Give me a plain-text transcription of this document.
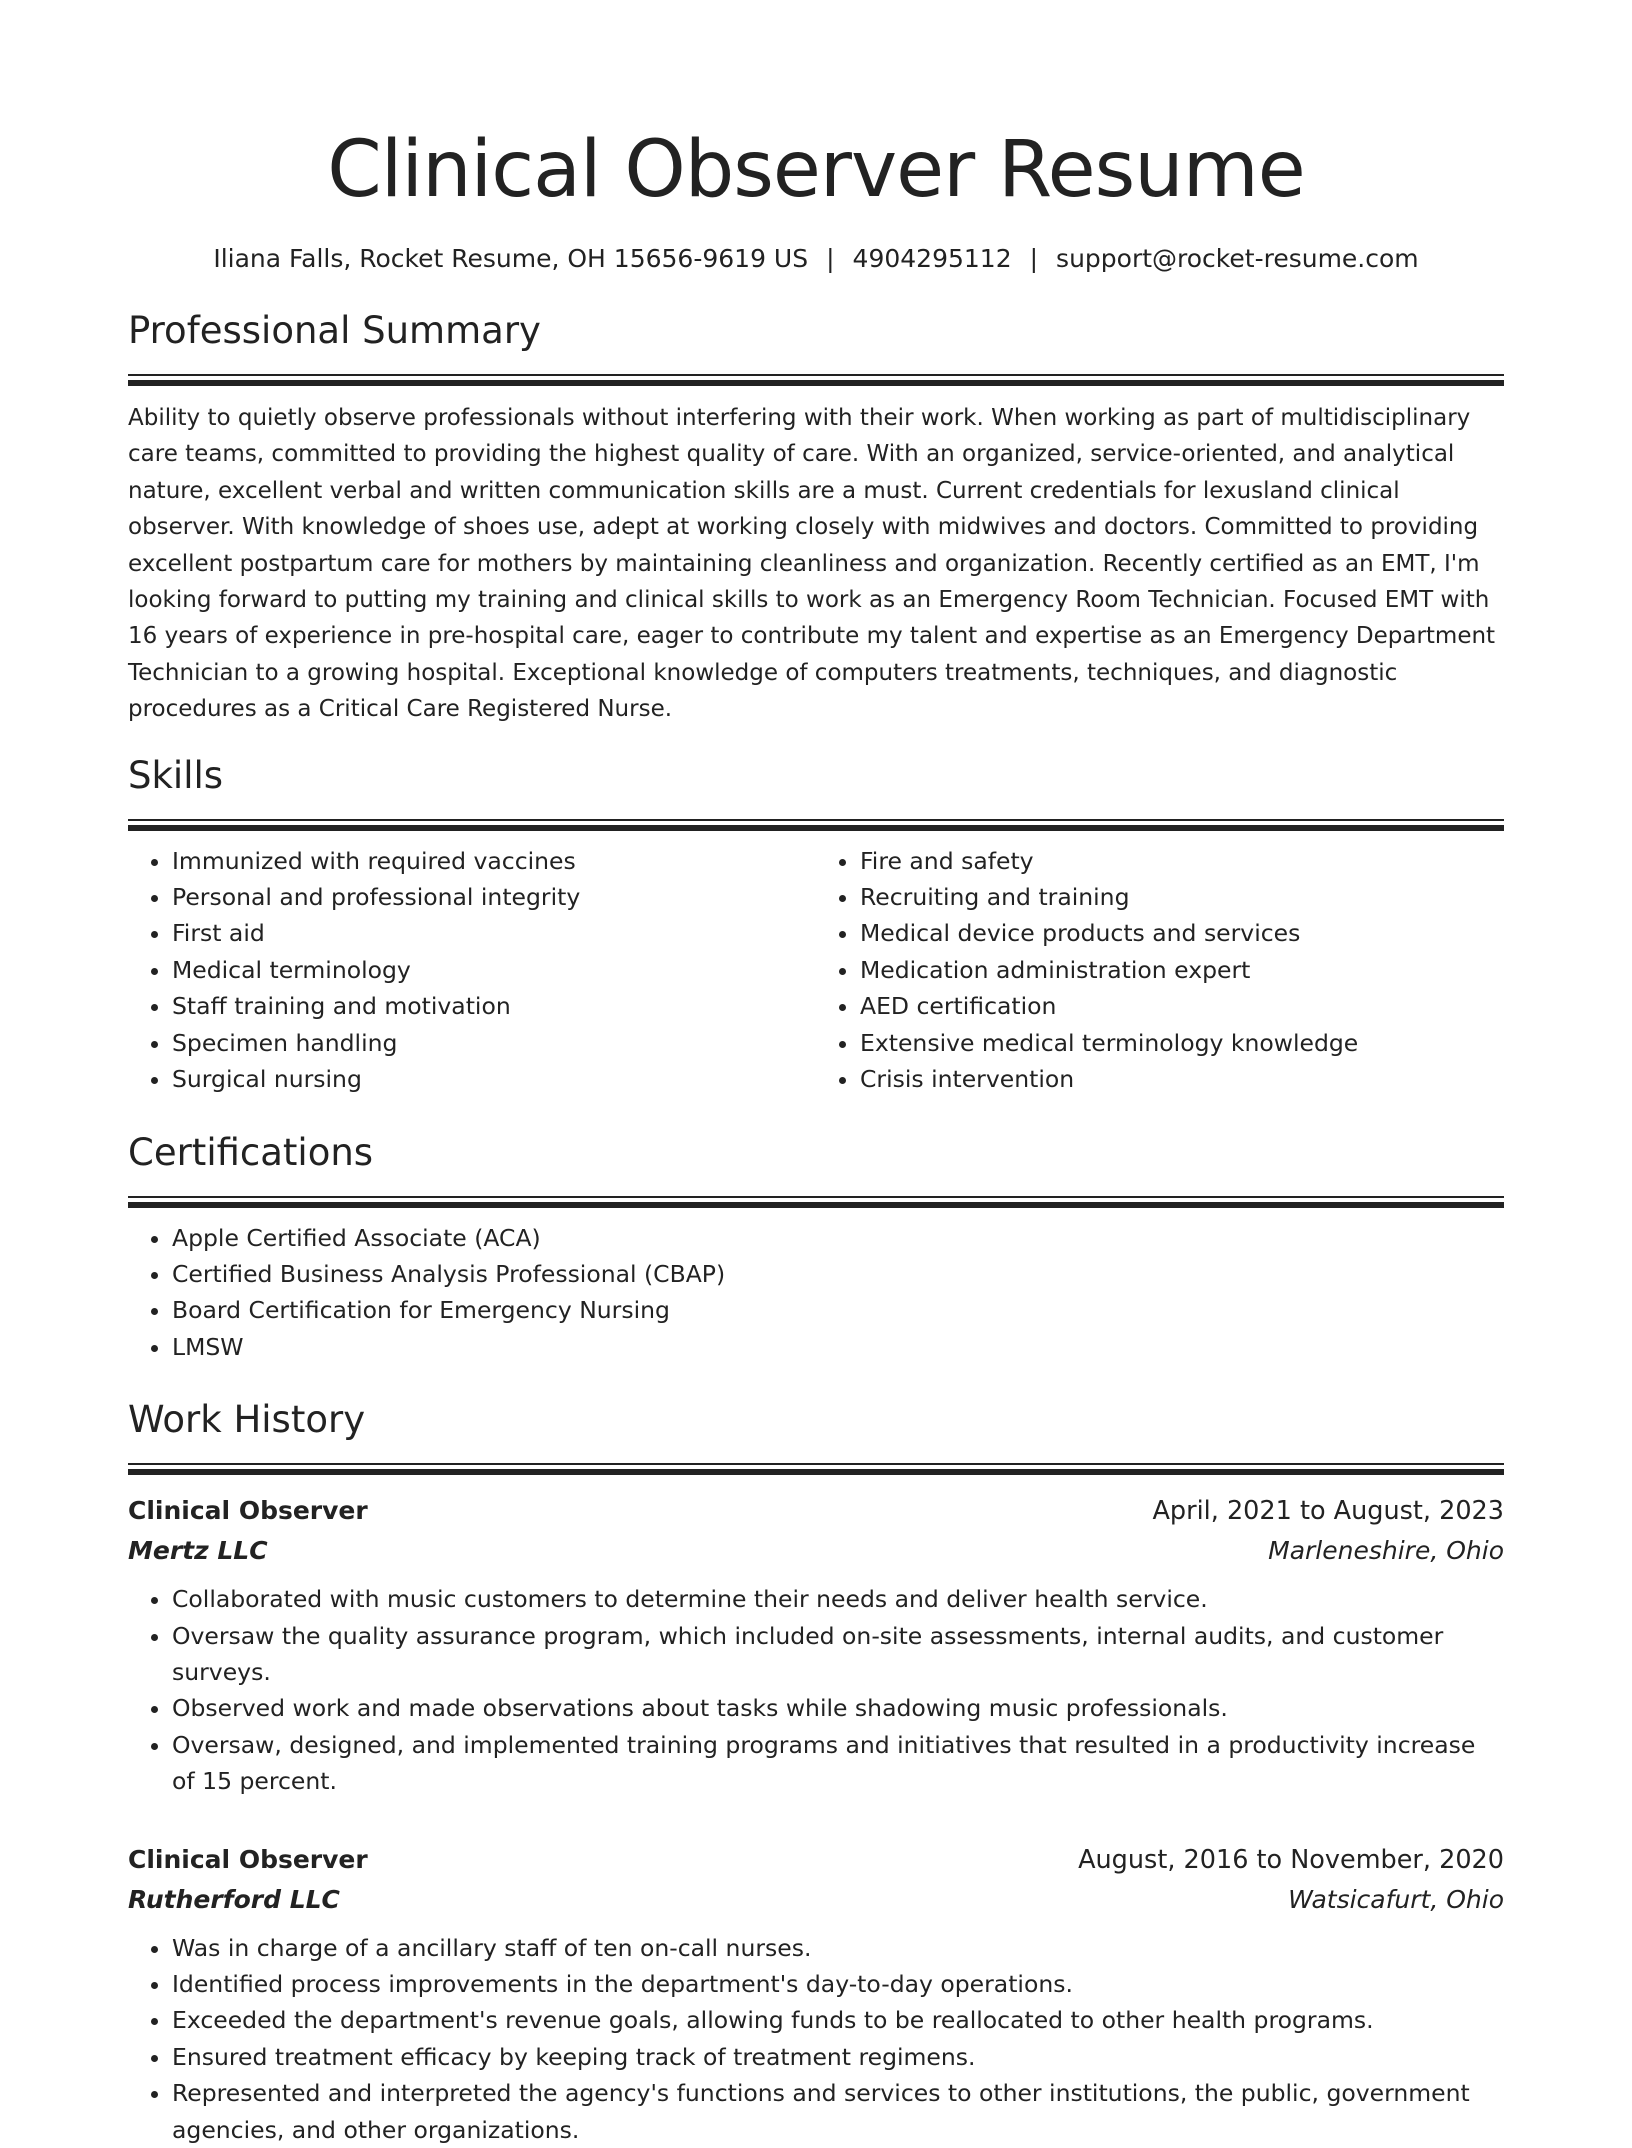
Clinical Observer Resume
Iliana Falls, Rocket Resume, OH 15656-9619 US | 4904295112 | support@rocket-resume.com
Professional Summary

Ability to quietly observe professionals without interfering with their work. When working as part of multidisciplinary care teams, committed to providing the highest quality of care. With an organized, service-oriented, and analytical nature, excellent verbal and written communication skills are a must. Current credentials for lexusland clinical observer. With knowledge of shoes use, adept at working closely with midwives and doctors. Committed to providing excellent postpartum care for mothers by maintaining cleanliness and organization. Recently certified as an EMT, I'm looking forward to putting my training and clinical skills to work as an Emergency Room Technician. Focused EMT with 16 years of experience in pre-hospital care, eager to contribute my talent and expertise as an Emergency Department Technician to a growing hospital. Exceptional knowledge of computers treatments, techniques, and diagnostic procedures as a Critical Care Registered Nurse.

Skills
• Immunized with required vaccines
• Personal and professional integrity
• First aid
• Medical terminology
• Staff training and motivation
• Specimen handling
• Surgical nursing
• Fire and safety
• Recruiting and training
• Medical device products and services
• Medication administration expert
• AED certification
• Extensive medical terminology knowledge
• Crisis intervention
Certifications
• Apple Certified Associate (ACA)
• Certified Business Analysis Professional (CBAP)
• Board Certification for Emergency Nursing
• LMSW
Work History
Clinical Observer	April, 2021 to August, 2023
Mertz LLC	Marleneshire, Ohio
• Collaborated with music customers to determine their needs and deliver health service.
• Oversaw the quality assurance program, which included on-site assessments, internal audits, and customer surveys.
• Observed work and made observations about tasks while shadowing music professionals.
• Oversaw, designed, and implemented training programs and initiatives that resulted in a productivity increase of 15 percent.
Clinical Observer	August, 2016 to November, 2020
Rutherford LLC	Watsicafurt, Ohio
• Was in charge of a ancillary staff of ten on-call nurses.
• Identified process improvements in the department's day-to-day operations.
• Exceeded the department's revenue goals, allowing funds to be reallocated to other health programs.
• Ensured treatment efficacy by keeping track of treatment regimens.
• Represented and interpreted the agency's functions and services to other institutions, the public, government agencies, and other organizations.
